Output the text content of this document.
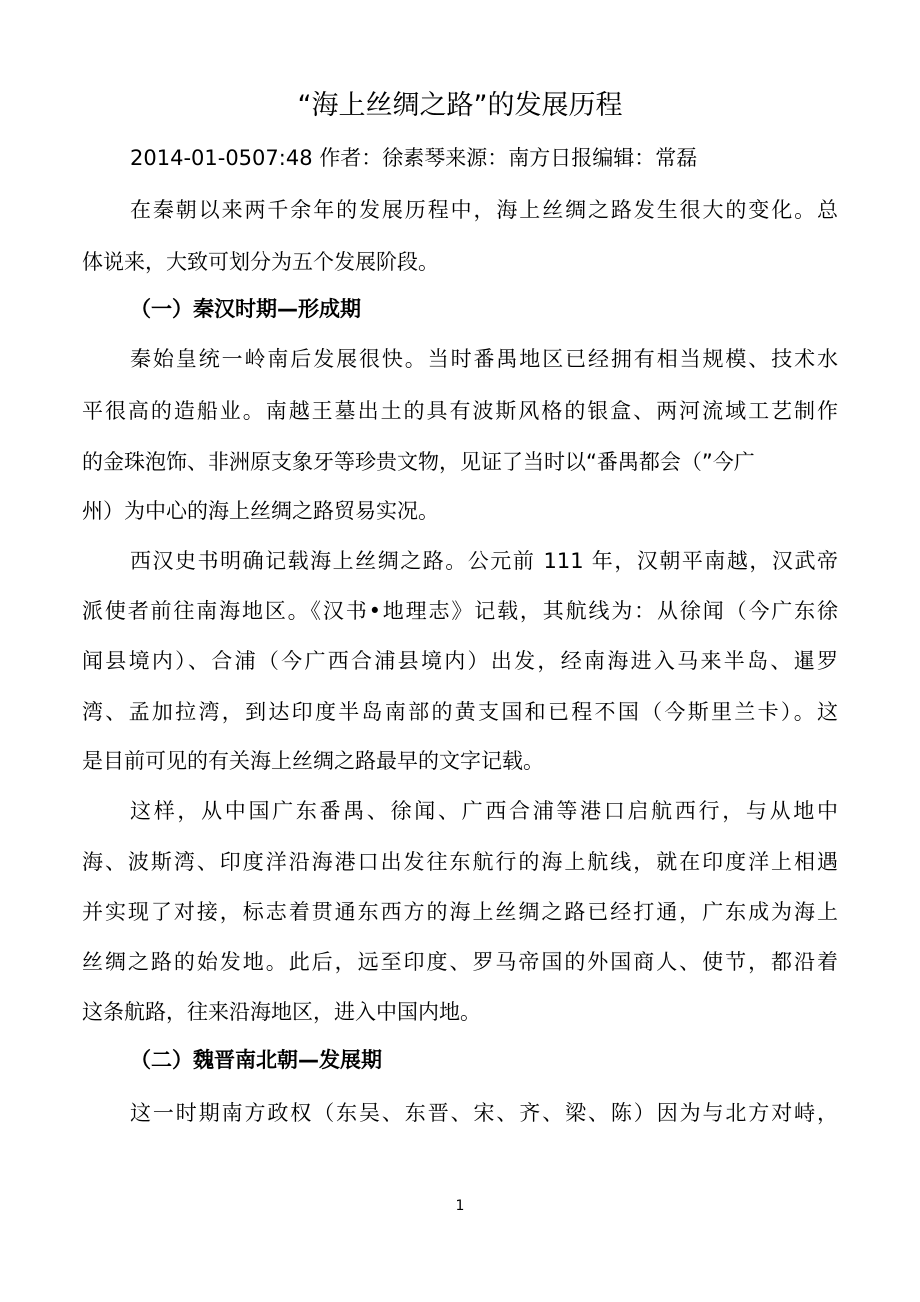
“海上丝绸之路”的发展历程

2014-01-0507:48 作者：徐素琴来源：南方日报编辑：常磊

在秦朝以来两千余年的发展历程中，海上丝绸之路发生很大的变化。总

体说来，大致可划分为五个发展阶段。

（一）秦汉时期—形成期

秦始皇统一岭南后发展很快。当时番禺地区已经拥有相当规模、技术水

平很高的造船业。南越王墓出土的具有波斯风格的银盒、两河流域工艺制作

的金珠泡饰、非洲原支象牙等珍贵文物，见证了当时以“番禺都会（”今广

州）为中心的海上丝绸之路贸易实况。

西汉史书明确记载海上丝绸之路。公元前 111 年，汉朝平南越，汉武帝

派使者前往南海地区。《汉书•地理志》记载，其航线为：从徐闻（今广东徐

闻县境内）、合浦（今广西合浦县境内）出发，经南海进入马来半岛、暹罗

湾、孟加拉湾，到达印度半岛南部的黄支国和已程不国（今斯里兰卡）。这

是目前可见的有关海上丝绸之路最早的文字记载。

这样，从中国广东番禺、徐闻、广西合浦等港口启航西行，与从地中

海、波斯湾、印度洋沿海港口出发往东航行的海上航线，就在印度洋上相遇

并实现了对接，标志着贯通东西方的海上丝绸之路已经打通，广东成为海上

丝绸之路的始发地。此后，远至印度、罗马帝国的外国商人、使节，都沿着

这条航路，往来沿海地区，进入中国内地。

（二）魏晋南北朝—发展期

这一时期南方政权（东吴、东晋、宋、齐、梁、陈）因为与北方对峙，

1
